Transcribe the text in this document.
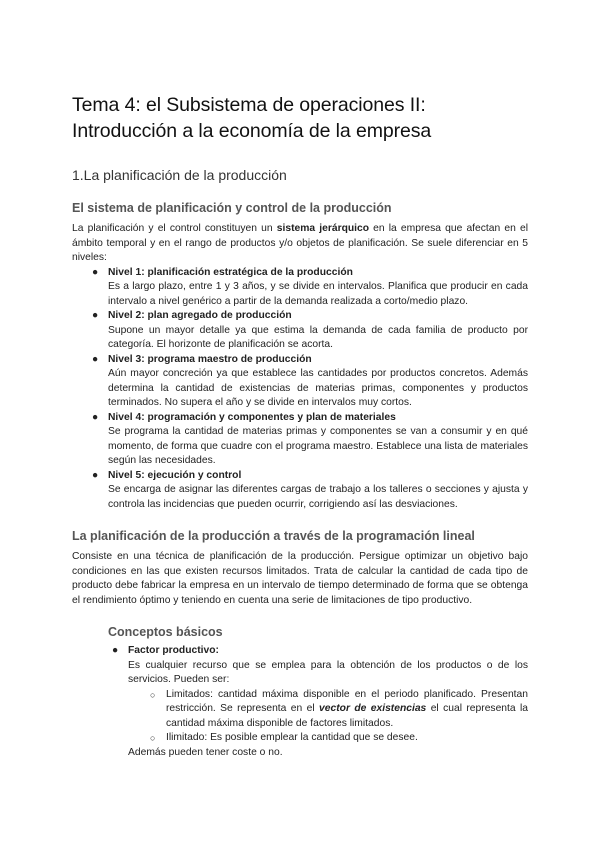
Tema 4: el Subsistema de operaciones II:
Introducción a la economía de la empresa
1.La planificación de la producción
El sistema de planificación y control de la producción

La planificación y el control constituyen un sistema jerárquico en la empresa que afectan en el ámbito temporal y en el rango de productos y/o objetos de planificación. Se suele diferenciar en 5 niveles:

● Nivel 1: planificación estratégica de la producción

Es a largo plazo, entre 1 y 3 años, y se divide en intervalos. Planifica que producir en cada intervalo a nivel genérico a partir de la demanda realizada a corto/medio plazo.

● Nivel 2: plan agregado de producción

Supone un mayor detalle ya que estima la demanda de cada familia de producto por categoría. El horizonte de planificación se acorta.

● Nivel 3: programa maestro de producción

Aún mayor concreción ya que establece las cantidades por productos concretos. Además determina la cantidad de existencias de materias primas, componentes y productos terminados. No supera el año y se divide en intervalos muy cortos.

● Nivel 4: programación y componentes y plan de materiales

Se programa la cantidad de materias primas y componentes se van a consumir y en qué momento, de forma que cuadre con el programa maestro. Establece una lista de materiales según las necesidades.

● Nivel 5: ejecución y control

Se encarga de asignar las diferentes cargas de trabajo a los talleres o secciones y ajusta y controla las incidencias que pueden ocurrir, corrigiendo así las desviaciones.

La planificación de la producción a través de la programación lineal

Consiste en una técnica de planificación de la producción. Persigue optimizar un objetivo bajo condiciones en las que existen recursos limitados. Trata de calcular la cantidad de cada tipo de producto debe fabricar la empresa en un intervalo de tiempo determinado de forma que se obtenga el rendimiento óptimo y teniendo en cuenta una serie de limitaciones de tipo productivo.

Conceptos básicos
● Factor productivo:

Es cualquier recurso que se emplea para la obtención de los productos o de los servicios. Pueden ser:

○ Limitados: cantidad máxima disponible en el periodo planificado. Presentan restricción. Se representa en el vector de existencias el cual representa la cantidad máxima disponible de factores limitados.

○ Ilimitado: Es posible emplear la cantidad que se desee.

Además pueden tener coste o no.
